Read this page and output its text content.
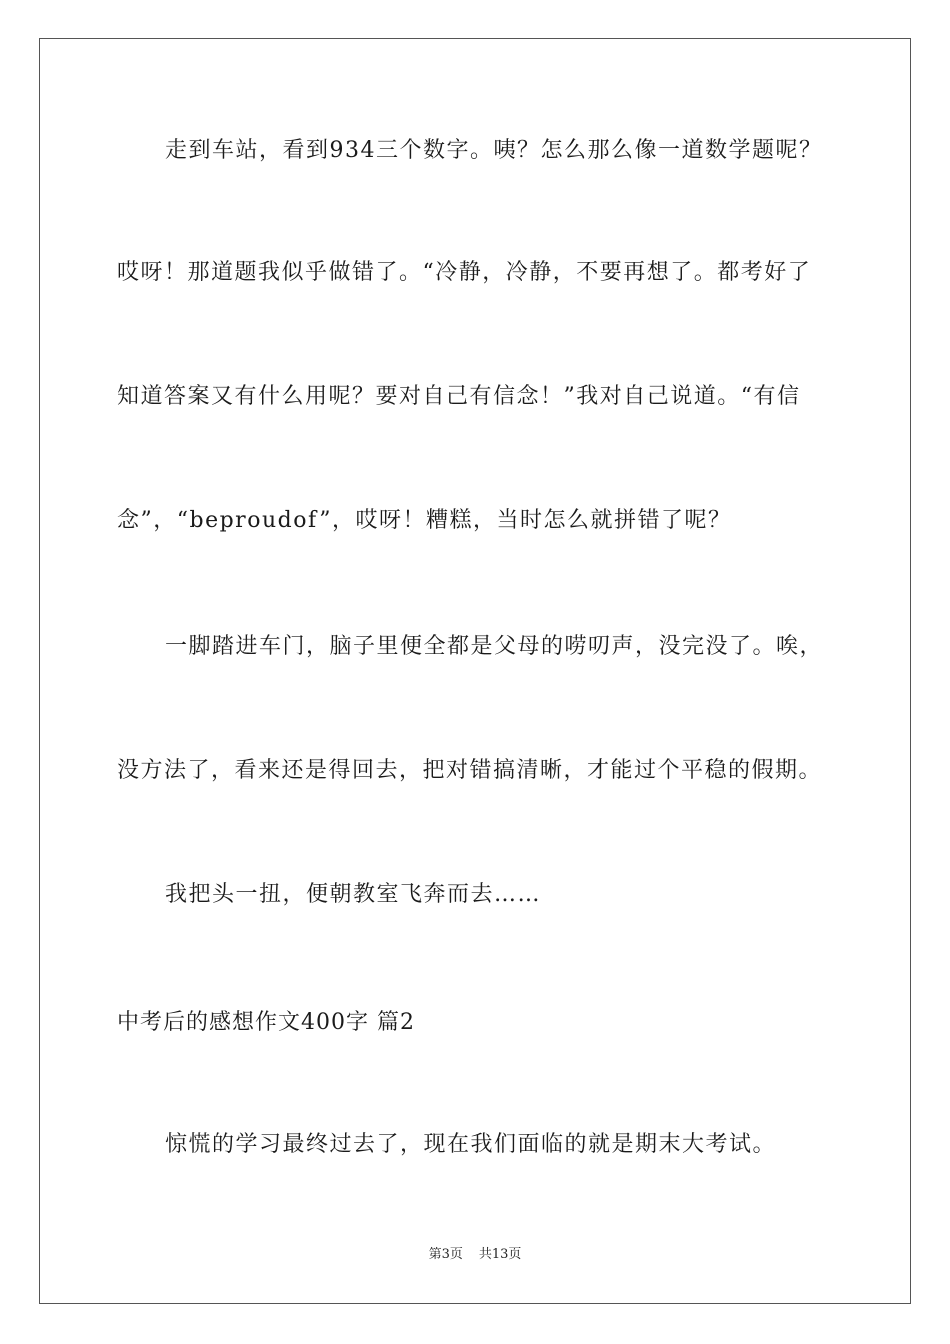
走到车站，看到934三个数字。咦？怎么那么像一道数学题呢？
哎呀！那道题我似乎做错了。“冷静，冷静，不要再想了。都考好了
知道答案又有什么用呢？要对自己有信念！”我对自己说道。“有信
念”，“beproudof”，哎呀！糟糕，当时怎么就拼错了呢？
一脚踏进车门，脑子里便全都是父母的唠叨声，没完没了。唉，
没方法了，看来还是得回去，把对错搞清晰，才能过个平稳的假期。
我把头一扭，便朝教室飞奔而去……
中考后的感想作文400字 篇2
惊慌的学习最终过去了，现在我们面临的就是期末大考试。
第3页 共13页
